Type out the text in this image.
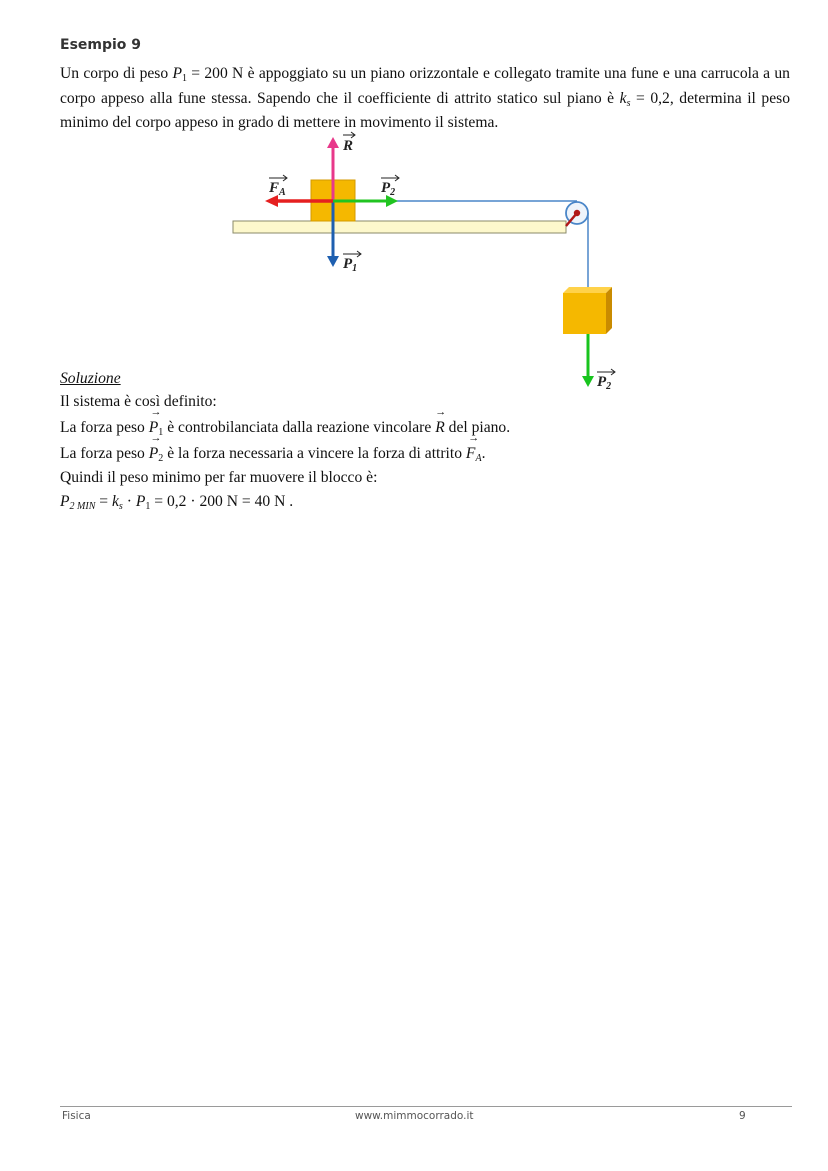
Esempio 9
Un corpo di peso $P_1 = 200$ N è appoggiato su un piano orizzontale e collegato tramite una fune e una carrucola a un corpo appeso alla fune stessa. Sapendo che il coefficiente di attrito statico sul piano è ks = 0,2, determina il peso minimo del corpo appeso in grado di mettere in movimento il sistema.
R
$F_A$	$P_2$
$P_1$
$P_2$
Soluzione
Il sistema è così definito:
La forza peso → $P_1$ è controbilanciata dalla reazione vincolare → R del piano.
La forza peso → $P_2$ è la forza necessaria a vincere la forza di attrito → FA.
Quindi il peso minimo per far muovere il blocco è:
P2 MIN = ks · $P_1 = 0,2 \cdot 200$ N = 40 N .
Fisica	www.mimmocorrado.it	9
